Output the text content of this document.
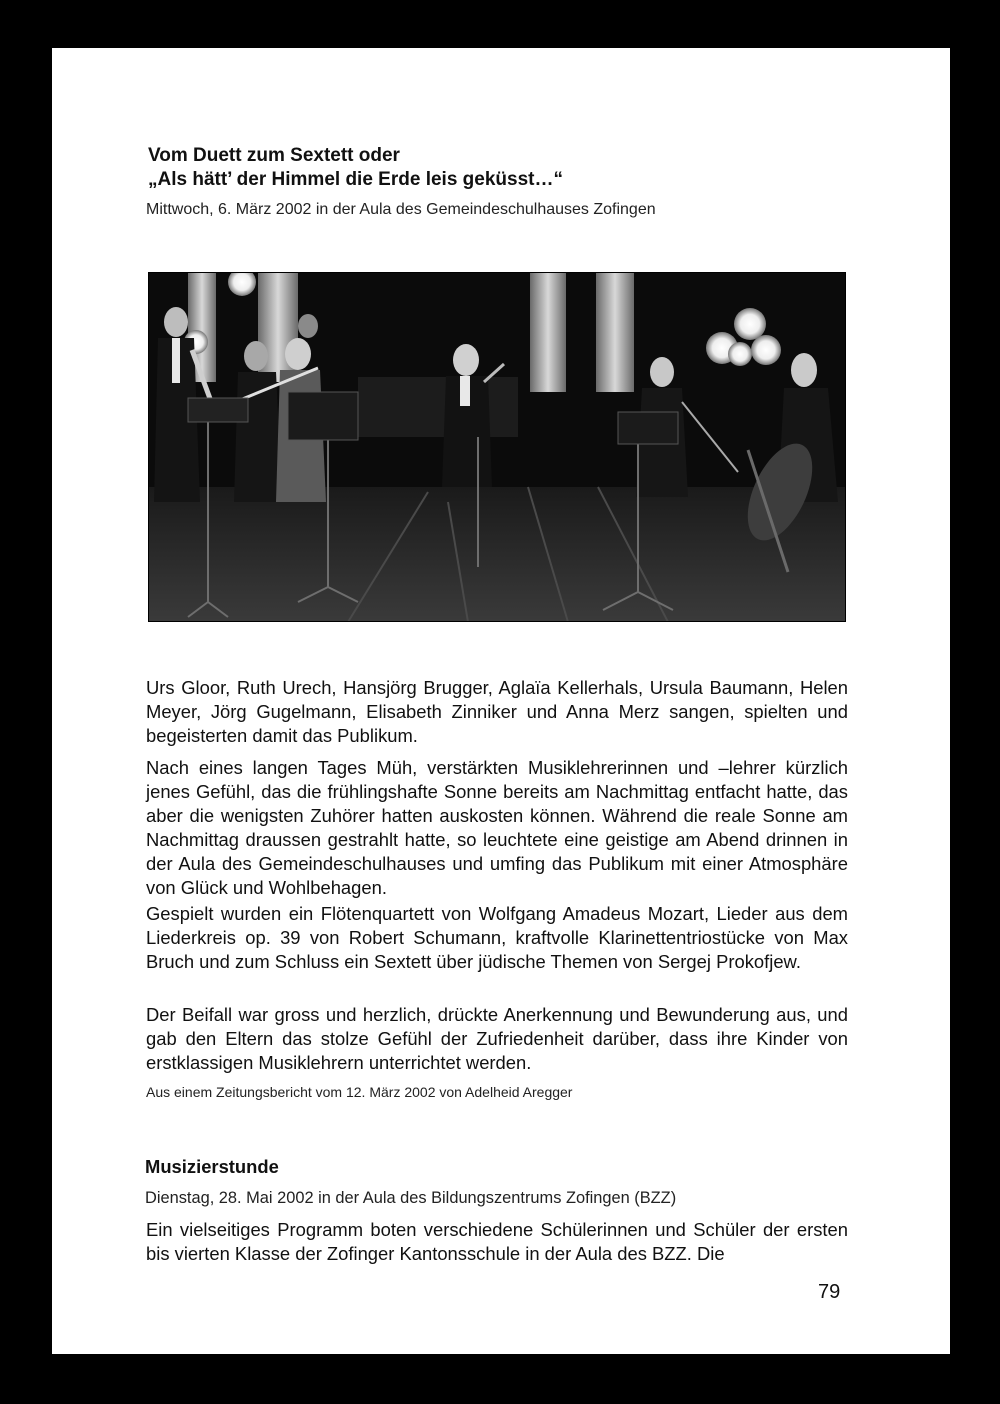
Vom Duett zum Sextett oder
„Als hätt’ der Himmel die Erde leis geküsst…“

Mittwoch, 6. März 2002 in der Aula des Gemeindeschulhauses Zofingen

Urs Gloor, Ruth Urech, Hansjörg Brugger, Aglaïa Kellerhals, Ursula Baumann, Helen Meyer, Jörg Gugelmann, Elisabeth Zinniker und Anna Merz sangen, spielten und begeisterten damit das Publikum.

Nach eines langen Tages Müh, verstärkten Musiklehrerinnen und –lehrer kürzlich jenes Gefühl, das die frühlingshafte Sonne bereits am Nachmittag entfacht hatte, das aber die wenigsten Zuhörer hatten auskosten können. Während die reale Sonne am Nachmittag draussen gestrahlt hatte, so leuchtete eine geistige am Abend drinnen in der Aula des Gemeindeschulhauses und umfing das Publikum mit einer Atmosphäre von Glück und Wohlbehagen.

Gespielt wurden ein Flötenquartett von Wolfgang Amadeus Mozart, Lieder aus dem Liederkreis op. 39 von Robert Schumann, kraftvolle Klarinettentriostücke von Max Bruch und zum Schluss ein Sextett über jüdische Themen von Sergej Prokofjew.

Der Beifall war gross und herzlich, drückte Anerkennung und Bewunderung aus, und gab den Eltern das stolze Gefühl der Zufriedenheit darüber, dass ihre Kinder von erstklassigen Musiklehrern unterrichtet werden.

Aus einem Zeitungsbericht vom 12. März 2002 von Adelheid Aregger

Musizierstunde

Dienstag, 28. Mai 2002 in der Aula des Bildungszentrums Zofingen (BZZ)

Ein vielseitiges Programm boten verschiedene Schülerinnen und Schüler der ersten bis vierten Klasse der Zofinger Kantonsschule in der Aula des BZZ. Die

79
